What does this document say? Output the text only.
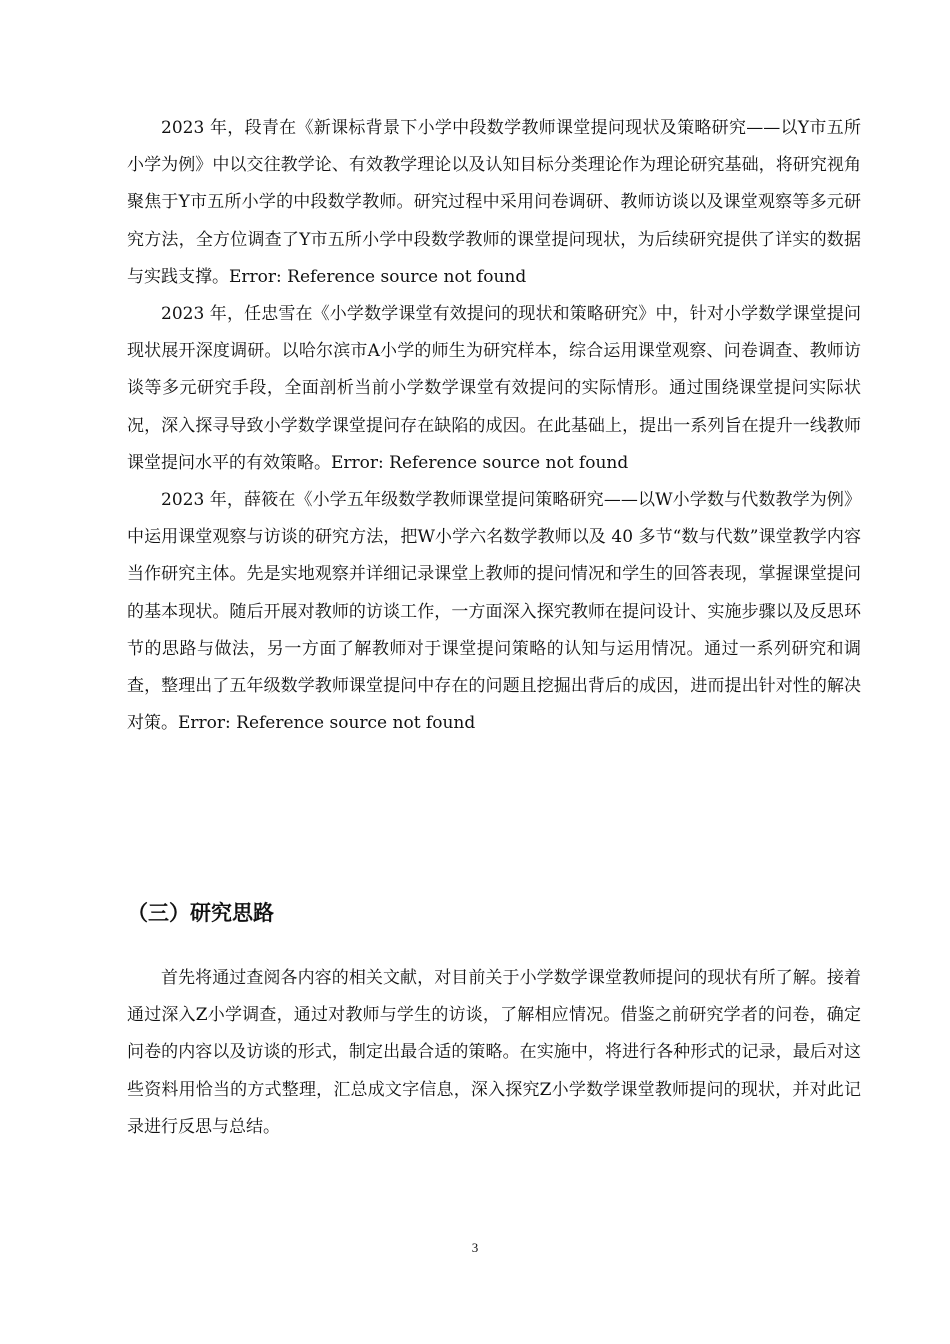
2023 年，段青在《新课标背景下小学中段数学教师课堂提问现状及策略研究——以Y市五所小学为例》中以交往教学论、有效教学理论以及认知目标分类理论作为理论研究基础，将研究视角聚焦于Y市五所小学的中段数学教师。研究过程中采用问卷调研、教师访谈以及课堂观察等多元研究方法，全方位调查了Y市五所小学中段数学教师的课堂提问现状，为后续研究提供了详实的数据与实践支撑。Error: Reference source not found

2023 年，任忠雪在《小学数学课堂有效提问的现状和策略研究》中，针对小学数学课堂提问现状展开深度调研。以哈尔滨市A小学的师生为研究样本，综合运用课堂观察、问卷调查、教师访谈等多元研究手段，全面剖析当前小学数学课堂有效提问的实际情形。通过围绕课堂提问实际状况，深入探寻导致小学数学课堂提问存在缺陷的成因。在此基础上，提出一系列旨在提升一线教师课堂提问水平的有效策略。Error: Reference source not found

2023 年，薛筱在《小学五年级数学教师课堂提问策略研究——以W小学数与代数教学为例》中运用课堂观察与访谈的研究方法，把W小学六名数学教师以及 40 多节“数与代数”课堂教学内容当作研究主体。先是实地观察并详细记录课堂上教师的提问情况和学生的回答表现，掌握课堂提问的基本现状。随后开展对教师的访谈工作，一方面深入探究教师在提问设计、实施步骤以及反思环节的思路与做法，另一方面了解教师对于课堂提问策略的认知与运用情况。通过一系列研究和调查，整理出了五年级数学教师课堂提问中存在的问题且挖掘出背后的成因，进而提出针对性的解决对策。Error: Reference source not found

（三）研究思路

首先将通过查阅各内容的相关文献，对目前关于小学数学课堂教师提问的现状有所了解。接着通过深入Z小学调查，通过对教师与学生的访谈，了解相应情况。借鉴之前研究学者的问卷，确定问卷的内容以及访谈的形式，制定出最合适的策略。在实施中，将进行各种形式的记录，最后对这些资料用恰当的方式整理，汇总成文字信息，深入探究Z小学数学课堂教师提问的现状，并对此记录进行反思与总结。

3
